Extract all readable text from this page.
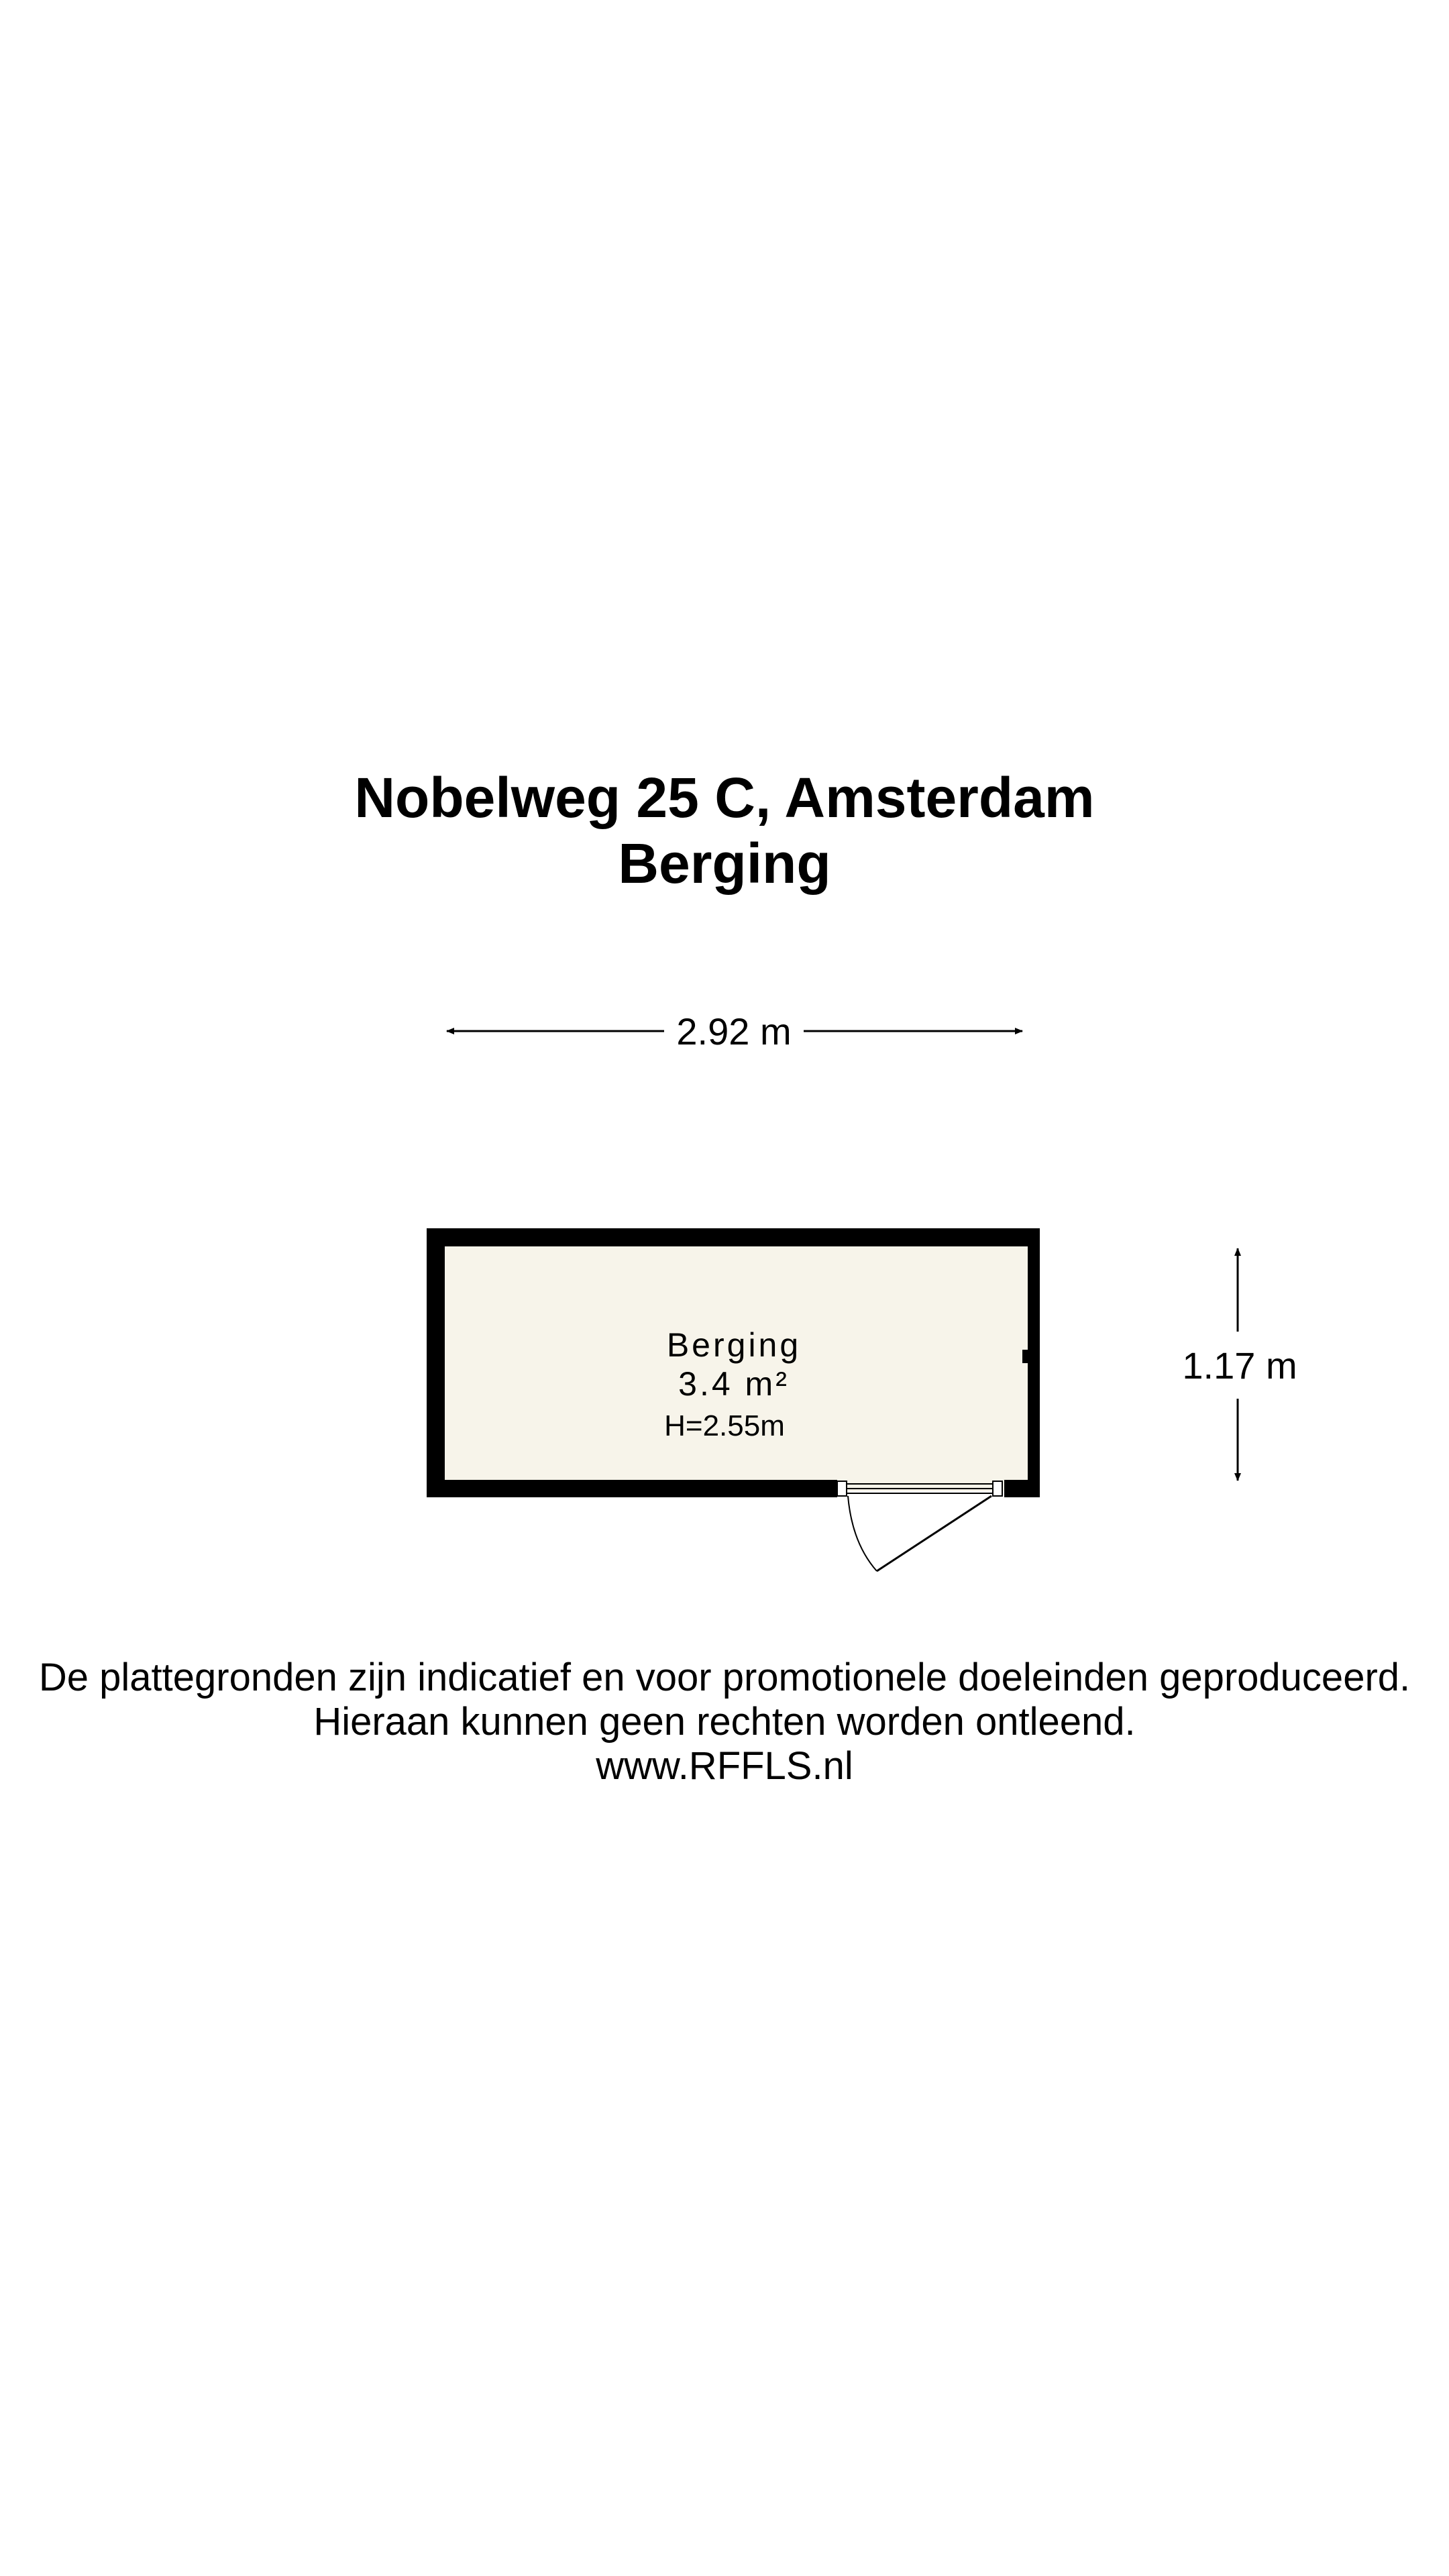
Nobelweg 25 C, Amsterdam
Berging
2.92 m
1.17 m
Berging
3.4 m²
H=2.55m
De plattegronden zijn indicatief en voor promotionele doeleinden geproduceerd.
Hieraan kunnen geen rechten worden ontleend.
www.RFFLS.nl
